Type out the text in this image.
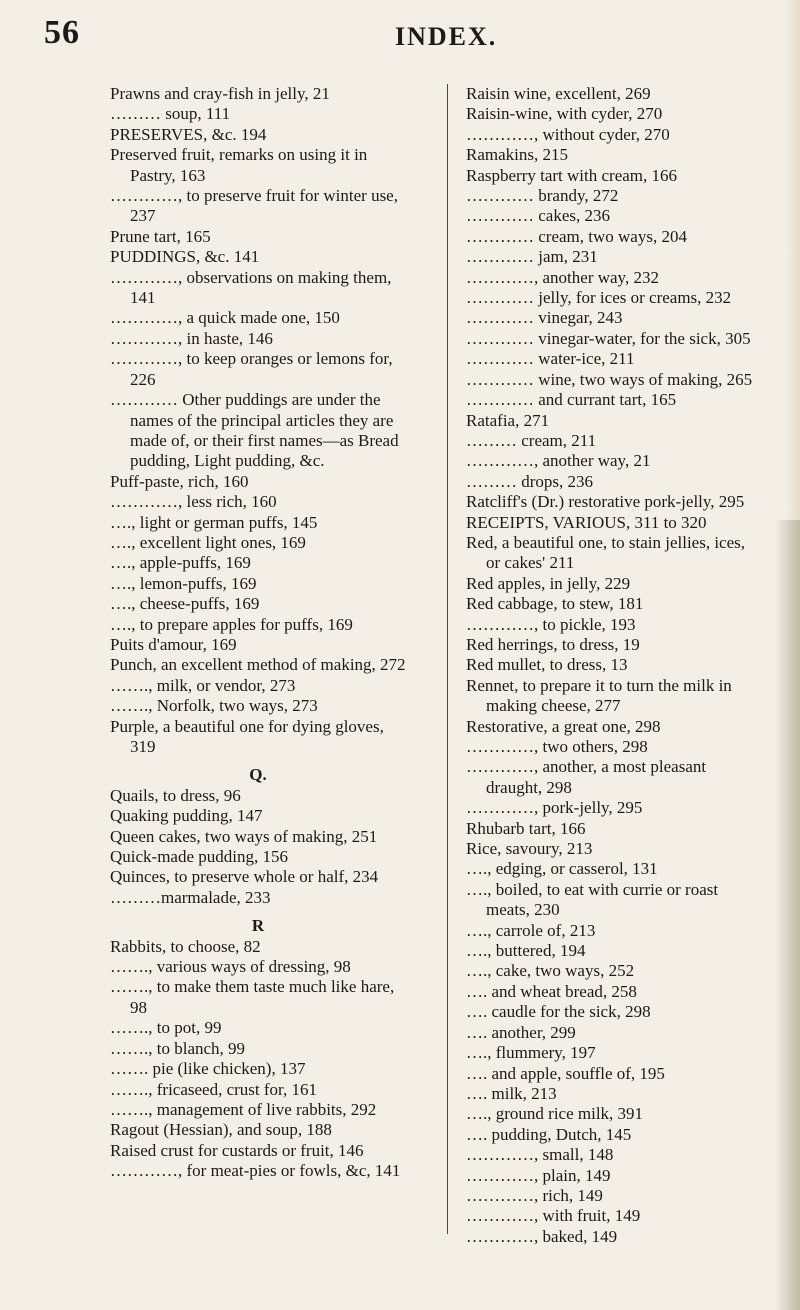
56	INDEX.

Prawns and cray-fish in jelly, 21

……… soup, 111

PRESERVES, &c. 194

Preserved fruit, remarks on using it in Pastry, 163

…………, to preserve fruit for winter use, 237

Prune tart, 165

PUDDINGS, &c. 141

…………, observations on making them, 141

…………, a quick made one, 150

…………, in haste, 146

…………, to keep oranges or lemons for, 226

………… Other puddings are under the names of the principal articles they are made of, or their first names—as Bread pudding, Light pudding, &c.

Puff-paste, rich, 160

…………, less rich, 160

…., light or german puffs, 145

…., excellent light ones, 169

…., apple-puffs, 169

…., lemon-puffs, 169

…., cheese-puffs, 169

…., to prepare apples for puffs, 169

Puits d'amour, 169

Punch, an excellent method of making, 272

……., milk, or vendor, 273

……., Norfolk, two ways, 273

Purple, a beautiful one for dying gloves, 319

Q.

Quails, to dress, 96

Quaking pudding, 147

Queen cakes, two ways of making, 251

Quick-made pudding, 156

Quinces, to preserve whole or half, 234

………marmalade, 233

R

Rabbits, to choose, 82

……., various ways of dressing, 98

……., to make them taste much like hare, 98

……., to pot, 99

……., to blanch, 99

……. pie (like chicken), 137

……., fricaseed, crust for, 161

……., management of live rabbits, 292

Ragout (Hessian), and soup, 188

Raised crust for custards or fruit, 146

…………, for meat-pies or fowls, &c, 141

Raisin wine, excellent, 269

Raisin-wine, with cyder, 270

…………, without cyder, 270

Ramakins, 215

Raspberry tart with cream, 166

………… brandy, 272

………… cakes, 236

………… cream, two ways, 204

………… jam, 231

…………, another way, 232

………… jelly, for ices or creams, 232

………… vinegar, 243

………… vinegar-water, for the sick, 305

………… water-ice, 211

………… wine, two ways of making, 265

………… and currant tart, 165

Ratafia, 271

……… cream, 211

…………, another way, 21

……… drops, 236

Ratcliff's (Dr.) restorative pork-jelly, 295

RECEIPTS, VARIOUS, 311 to 320

Red, a beautiful one, to stain jellies, ices, or cakes' 211

Red apples, in jelly, 229

Red cabbage, to stew, 181

…………, to pickle, 193

Red herrings, to dress, 19

Red mullet, to dress, 13

Rennet, to prepare it to turn the milk in making cheese, 277

Restorative, a great one, 298

…………, two others, 298

…………, another, a most pleasant draught, 298

…………, pork-jelly, 295

Rhubarb tart, 166

Rice, savoury, 213

…., edging, or casserol, 131

…., boiled, to eat with currie or roast meats, 230

…., carrole of, 213

…., buttered, 194

…., cake, two ways, 252

…. and wheat bread, 258

…. caudle for the sick, 298

…. another, 299

…., flummery, 197

…. and apple, souffle of, 195

…. milk, 213

…., ground rice milk, 391

…. pudding, Dutch, 145

…………, small, 148

…………, plain, 149

…………, rich, 149

…………, with fruit, 149

…………, baked, 149
